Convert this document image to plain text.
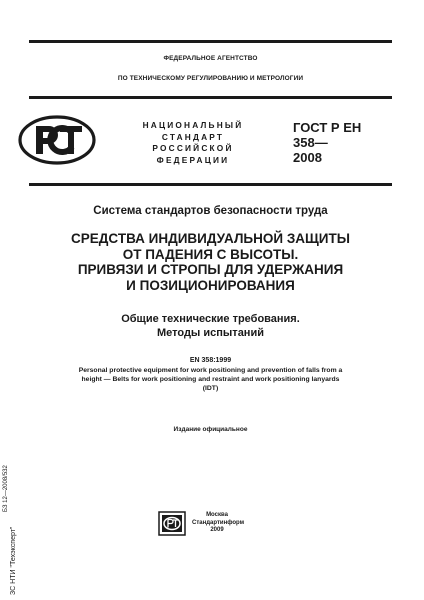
ФЕДЕРАЛЬНОЕ АГЕНТСТВО
ПО ТЕХНИЧЕСКОМУ РЕГУЛИРОВАНИЮ И МЕТРОЛОГИИ
НАЦИОНАЛЬНЫЙ
СТАНДАРТ
РОССИЙСКОЙ
ФЕДЕРАЦИИ
ГОСТ Р ЕН
358—
2008
Система стандартов безопасности труда
СРЕДСТВА ИНДИВИДУАЛЬНОЙ ЗАЩИТЫ
ОТ ПАДЕНИЯ С ВЫСОТЫ.
ПРИВЯЗИ И СТРОПЫ ДЛЯ УДЕРЖАНИЯ
И ПОЗИЦИОНИРОВАНИЯ
Общие технические требования.
Методы испытаний
EN 358:1999
Personal protective equipment for work positioning and prevention of falls from a
height — Belts for work positioning and restraint and work positioning lanyards
(IDT)
Издание официальное
БЗ 12—2008/532
ЗС НТИ "Техэксперт"
Москва
Стандартинформ
2009
